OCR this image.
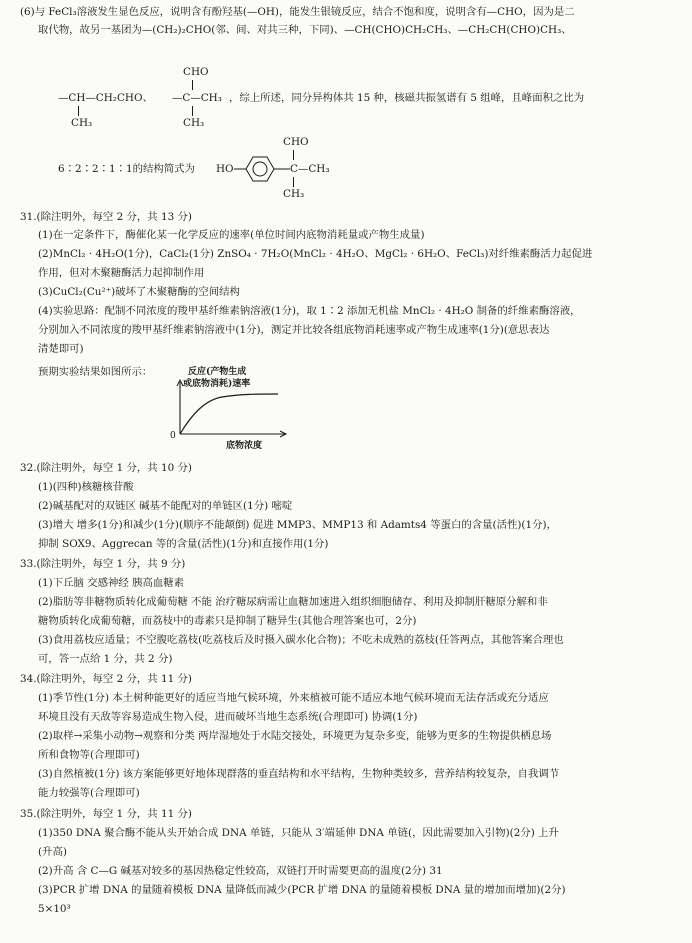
(6)与 FeCl₃溶液发生显色反应，说明含有酚羟基(—OH)，能发生银镜反应，结合不饱和度，说明含有—CHO，因为是二
取代物，故另一基团为—(CH₂)₂CHO(邻、间、对共三种，下同)、—CH(CHO)CH₂CH₃、—CH₂CH(CHO)CH₃、
CHO
—CH—CH₂CHO、 —C—CH₃ ，综上所述，同分异构体共 15 种，核磁共振氢谱有 5 组峰，且峰面积之比为
CH₃	CH₃
CHO
6∶2∶2∶1∶1的结构简式为 HO	C—CH₃
CH₃
31.(除注明外，每空 2 分，共 13 分)
(1)在一定条件下，酶催化某一化学反应的速率(单位时间内底物消耗量或产物生成量)
(2)MnCl₂ · 4H₂O(1分)，CaCl₂(1分) ZnSO₄ · 7H₂O(MnCl₂ · 4H₂O、MgCl₂ · 6H₂O、FeCl₃)对纤维素酶活力起促进
作用，但对木聚糖酶活力起抑制作用
(3)CuCl₂(Cu²⁺)破坏了木聚糖酶的空间结构
(4)实验思路：配制不同浓度的羧甲基纤维素钠溶液(1分)，取 1∶2 添加无机盐 MnCl₂ · 4H₂O 制备的纤维素酶溶液，
分别加入不同浓度的羧甲基纤维素钠溶液中(1分)，测定并比较各组底物消耗速率或产物生成速率(1分)(意思表达
清楚即可)
预期实验结果如图所示：	反应(产物生成
或底物消耗)速率
0
底物浓度
32.(除注明外，每空 1 分，共 10 分)
(1)(四种)核糖核苷酸
(2)碱基配对的双链区 碱基不能配对的单链区(1分) 嘧啶
(3)增大 增多(1分)和减少(1分)(顺序不能颠倒) 促进 MMP3、MMP13 和 Adamts4 等蛋白的含量(活性)(1分)，
抑制 SOX9、Aggrecan 等的含量(活性)(1分)和直接作用(1分)
33.(除注明外，每空 1 分，共 9 分)
(1)下丘脑 交感神经 胰高血糖素
(2)脂肪等非糖物质转化成葡萄糖 不能 治疗糖尿病需让血糖加速进入组织细胞储存、利用及抑制肝糖原分解和非
糖物质转化成葡萄糖，而荔枝中的毒素只是抑制了糖异生(其他合理答案也可，2分)
(3)食用荔枝应适量；不空腹吃荔枝(吃荔枝后及时摄入碳水化合物)；不吃未成熟的荔枝(任答两点，其他答案合理也
可，答一点给 1 分，共 2 分)
34.(除注明外，每空 2 分，共 11 分)
(1)季节性(1分) 本土树种能更好的适应当地气候环境，外来植被可能不适应本地气候环境而无法存活或充分适应
环境且没有天敌等容易造成生物入侵，进而破坏当地生态系统(合理即可) 协调(1分)
(2)取样→采集小动物→观察和分类 两岸湿地处于水陆交接处，环境更为复杂多变，能够为更多的生物提供栖息场
所和食物等(合理即可)
(3)自然植被(1分) 该方案能够更好地体现群落的垂直结构和水平结构，生物种类较多，营养结构较复杂，自我调节
能力较强等(合理即可)
35.(除注明外，每空 1 分，共 11 分)
(1)350 DNA 聚合酶不能从头开始合成 DNA 单链，只能从 3′端延伸 DNA 单链(，因此需要加入引物)(2分) 上升
(升高)
(2)升高 含 C—G 碱基对较多的基因热稳定性较高，双链打开时需要更高的温度(2分) 31
(3)PCR 扩增 DNA 的量随着模板 DNA 量降低而减少(PCR 扩增 DNA 的量随着模板 DNA 量的增加而增加)(2分)
5×10³
